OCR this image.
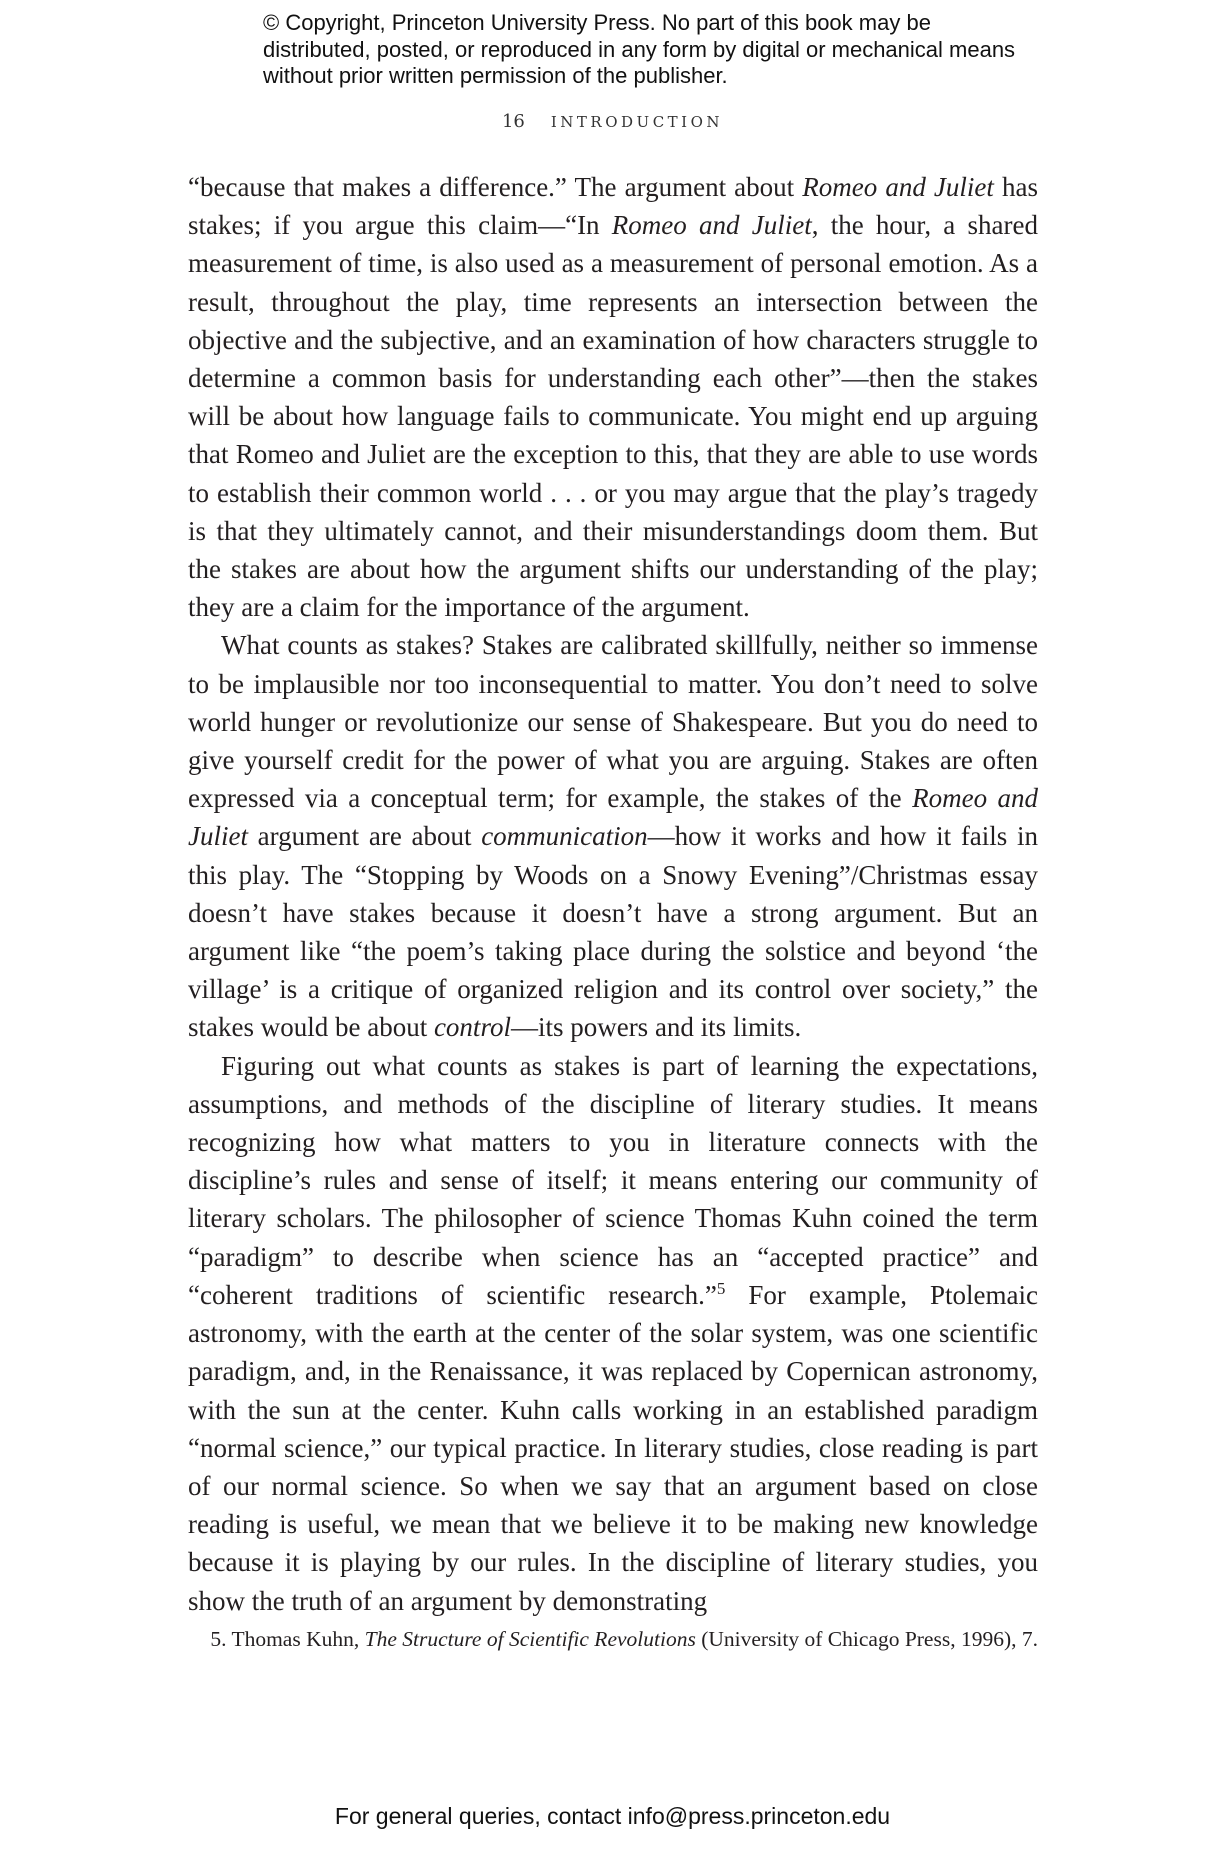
© Copyright, Princeton University Press. No part of this book may be distributed, posted, or reproduced in any form by digital or mechanical means without prior written permission of the publisher.
16 INTRODUCTION

“because that makes a difference.” The argument about Romeo and Juliet has stakes; if you argue this claim—“In Romeo and Juliet, the hour, a shared measurement of time, is also used as a measurement of personal emotion. As a result, throughout the play, time represents an intersection between the objective and the subjective, and an examination of how characters struggle to determine a common basis for understanding each other”—then the stakes will be about how language fails to communicate. You might end up arguing that Romeo and Juliet are the exception to this, that they are able to use words to establish their common world . . . or you may argue that the play’s tragedy is that they ultimately cannot, and their misunderstandings doom them. But the stakes are about how the argument shifts our understanding of the play; they are a claim for the importance of the argument.

What counts as stakes? Stakes are calibrated skillfully, neither so immense to be implausible nor too inconsequential to matter. You don’t need to solve world hunger or revolutionize our sense of Shakespeare. But you do need to give yourself credit for the power of what you are arguing. Stakes are often expressed via a conceptual term; for example, the stakes of the Romeo and Juliet argument are about communication—how it works and how it fails in this play. The “Stopping by Woods on a Snowy Evening”/Christmas essay doesn’t have stakes because it doesn’t have a strong argument. But an argument like “the poem’s taking place during the solstice and beyond ‘the village’ is a critique of organized religion and its control over society,” the stakes would be about control—its powers and its limits.

Figuring out what counts as stakes is part of learning the expectations, assumptions, and methods of the discipline of literary studies. It means recognizing how what matters to you in literature connects with the discipline’s rules and sense of itself; it means entering our community of literary scholars. The philosopher of science Thomas Kuhn coined the term “paradigm” to describe when science has an “accepted practice” and “coherent traditions of scientific research.”$^5$ For example, Ptolemaic astronomy, with the earth at the center of the solar system, was one scientific paradigm, and, in the Renaissance, it was replaced by Copernican astronomy, with the sun at the center. Kuhn calls working in an established paradigm “normal science,” our typical practice. In literary studies, close reading is part of our normal science. So when we say that an argument based on close reading is useful, we mean that we believe it to be making new knowledge because it is playing by our rules. In the discipline of literary studies, you show the truth of an argument by demonstrating

5. Thomas Kuhn, The Structure of Scientific Revolutions (University of Chicago Press, 1996), 7.
For general queries, contact info@press.princeton.edu
